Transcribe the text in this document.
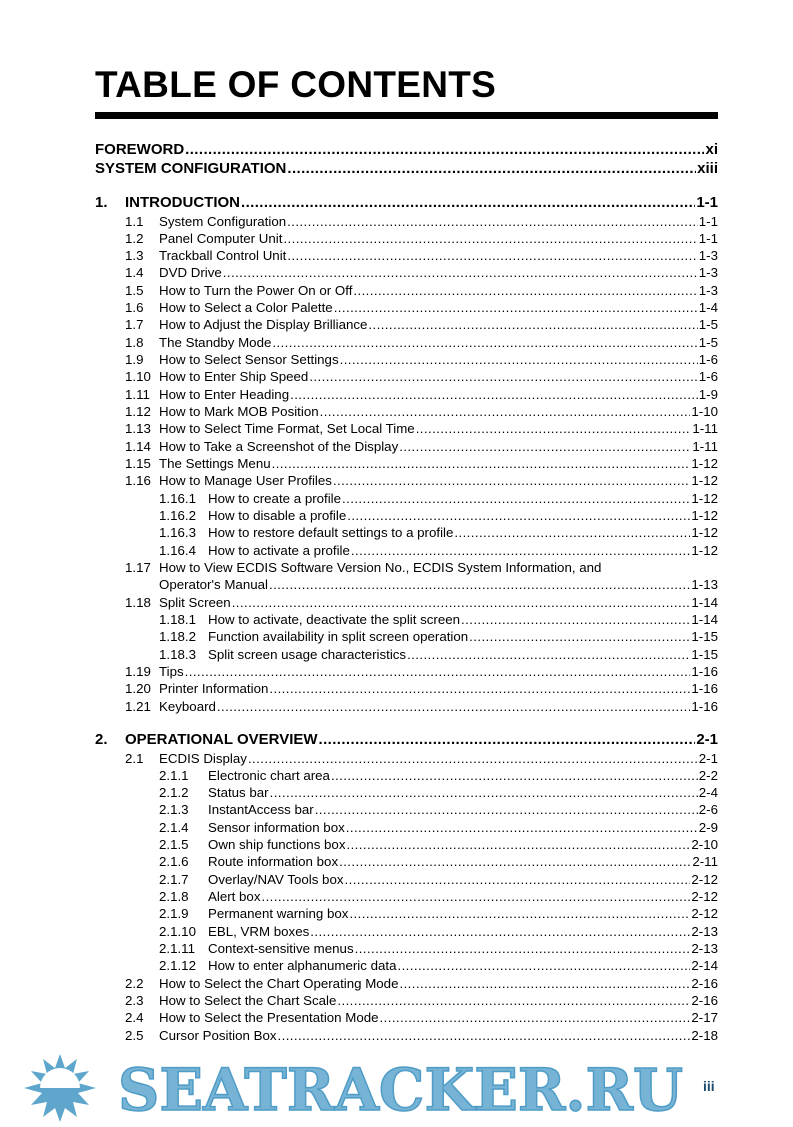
TABLE OF CONTENTS
FOREWORD .....	xi
SYSTEM CONFIGURATION .....	xiii
1.	INTRODUCTION .....	1-1
1.1	System Configuration .....	1-1
1.2	Panel Computer Unit .....	1-1
1.3	Trackball Control Unit .....	1-3
1.4	DVD Drive .....	1-3
1.5	How to Turn the Power On or Off .....	1-3
1.6	How to Select a Color Palette .....	1-4
1.7	How to Adjust the Display Brilliance .....	1-5
1.8	The Standby Mode .....	1-5
1.9	How to Select Sensor Settings .....	1-6
1.10 How to Enter Ship Speed .....	1-6
1.11 How to Enter Heading .....	1-9
1.12 How to Mark MOB Position .....	1-10
1.13 How to Select Time Format, Set Local Time .....	1-11
1.14 How to Take a Screenshot of the Display .....	1-11
1.15 The Settings Menu .....	1-12
1.16 How to Manage User Profiles .....	1-12
1.16.1 How to create a profile .....	1-12
1.16.2 How to disable a profile .....	1-12
1.16.3 How to restore default settings to a profile .....	1-12
1.16.4 How to activate a profile .....	1-12
1.17 How to View ECDIS Software Version No., ECDIS System Information, and
Operator's Manual .....	1-13
1.18 Split Screen .....	1-14
1.18.1 How to activate, deactivate the split screen .....	1-14
1.18.2 Function availability in split screen operation .....	1-15
1.18.3 Split screen usage characteristics .....	1-15
1.19 Tips .....	1-16
1.20 Printer Information .....	1-16
1.21 Keyboard .....	1-16
2.	OPERATIONAL OVERVIEW .....	2-1
2.1	ECDIS Display .....	2-1
2.1.1	Electronic chart area .....	2-2
2.1.2	Status bar .....	2-4
2.1.3	InstantAccess bar .....	2-6
2.1.4	Sensor information box .....	2-9
2.1.5	Own ship functions box .....	2-10
2.1.6	Route information box .....	2-11
2.1.7	Overlay/NAV Tools box .....	2-12
2.1.8	Alert box .....	2-12
2.1.9	Permanent warning box .....	2-12
2.1.10 EBL, VRM boxes .....	2-13
2.1.11 Context-sensitive menus .....	2-13
2.1.12 How to enter alphanumeric data .....	2-14
2.2	How to Select the Chart Operating Mode .....	2-16
2.3	How to Select the Chart Scale .....	2-16
2.4	How to Select the Presentation Mode .....	2-17
2.5	Cursor Position Box .....	2-18
SEATRACKER.RU iii
